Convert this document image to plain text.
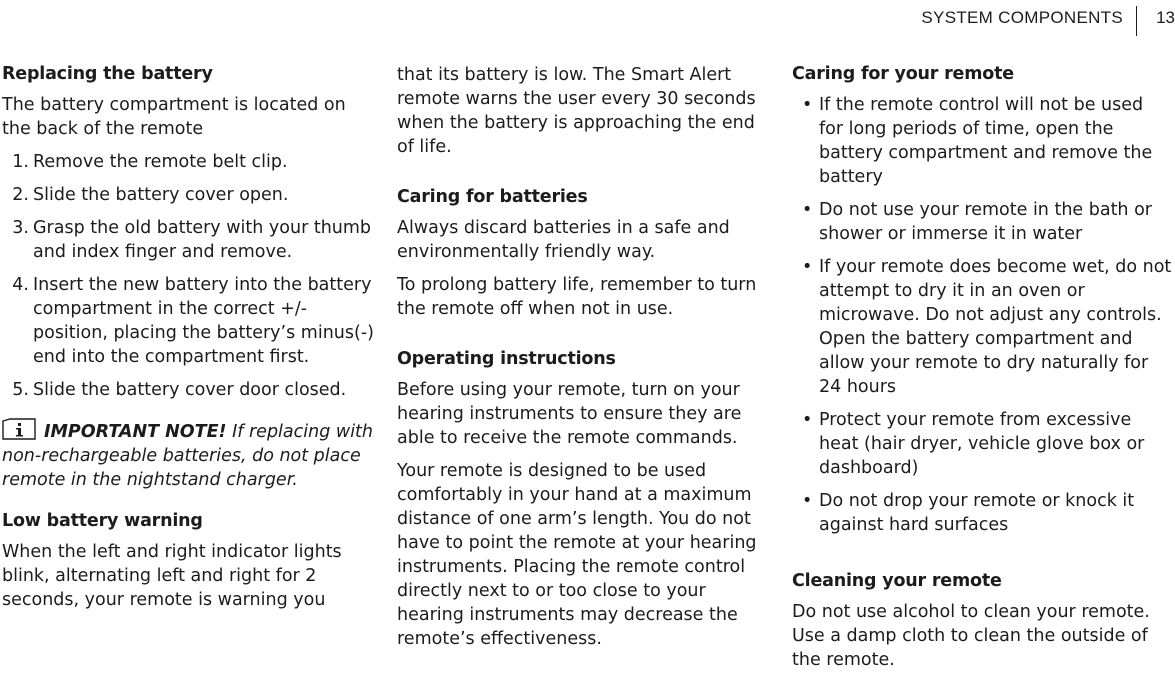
SYSTEM COMPONENTS 13
Replacing the battery

The battery compartment is located on the back of the remote

1. Remove the remote belt clip.
2. Slide the battery cover open.
3. Grasp the old battery with your thumb and index finger and remove.
4. Insert the new battery into the battery compartment in the correct +/- position, placing the battery’s minus(-) end into the compartment first.
5. Slide the battery cover door closed.
IMPORTANT NOTE! If replacing with non-rechargeable batteries, do not place remote in the nightstand charger.
Low battery warning

When the left and right indicator lights blink, alternating left and right for 2 seconds, your remote is warning you

that its battery is low. The Smart Alert remote warns the user every 30 seconds when the battery is approaching the end of life.

Caring for batteries

Always discard batteries in a safe and environmentally friendly way.

To prolong battery life, remember to turn the remote off when not in use.

Operating instructions

Before using your remote, turn on your hearing instruments to ensure they are able to receive the remote commands.

Your remote is designed to be used comfortably in your hand at a maximum distance of one arm’s length. You do not have to point the remote at your hearing instruments. Placing the remote control directly next to or too close to your hearing instruments may decrease the remote’s effectiveness.

Caring for your remote
• If the remote control will not be used for long periods of time, open the battery compartment and remove the battery
• Do not use your remote in the bath or shower or immerse it in water
• If your remote does become wet, do not attempt to dry it in an oven or microwave. Do not adjust any controls. Open the battery compartment and allow your remote to dry naturally for 24 hours
• Protect your remote from excessive heat (hair dryer, vehicle glove box or dashboard)
• Do not drop your remote or knock it against hard surfaces
Cleaning your remote

Do not use alcohol to clean your remote. Use a damp cloth to clean the outside of the remote.
